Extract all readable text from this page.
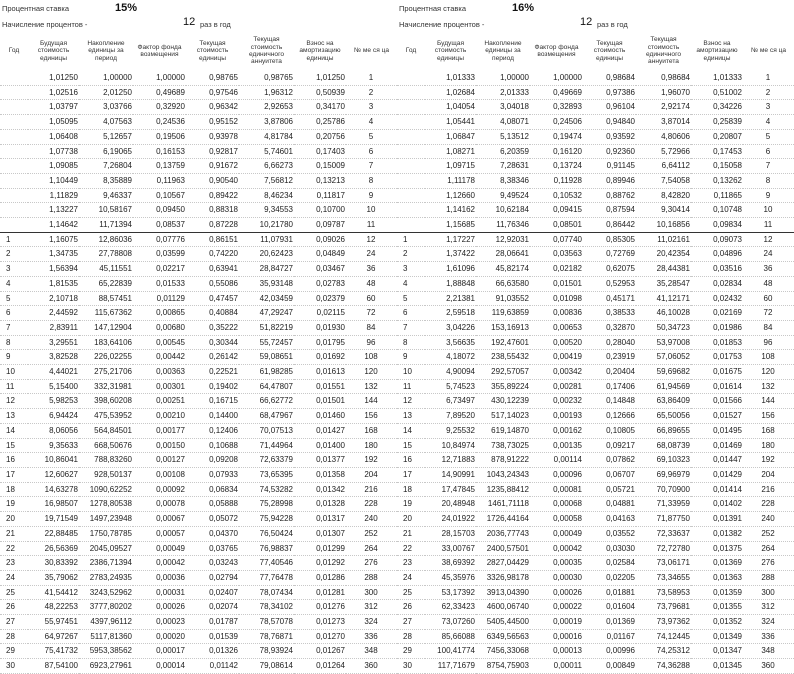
Процентная ставка	15%
Начисление процентов -	12 раз в год
Год	Будущая стоимость единицы	Накопление единицы за период	Фактор фонда возмещения	Текущая стоимость единицы	Текущая стоимость единичного аннуитета	Взнос на амортизацию единицы	№ ме ся ца
	1,01250	1,00000	1,00000	0,98765	0,98765	1,01250	1
	1,02516	2,01250	0,49689	0,97546	1,96312	0,50939	2
	1,03797	3,03766	0,32920	0,96342	2,92653	0,34170	3
	1,05095	4,07563	0,24536	0,95152	3,87806	0,25786	4
	1,06408	5,12657	0,19506	0,93978	4,81784	0,20756	5
	1,07738	6,19065	0,16153	0,92817	5,74601	0,17403	6
	1,09085	7,26804	0,13759	0,91672	6,66273	0,15009	7
	1,10449	8,35889	0,11963	0,90540	7,56812	0,13213	8
	1,11829	9,46337	0,10567	0,89422	8,46234	0,11817	9
	1,13227	10,58167	0,09450	0,88318	9,34553	0,10700	10
	1,14642	11,71394	0,08537	0,87228	10,21780	0,09787	11
1	1,16075	12,86036	0,07776	0,86151	11,07931	0,09026	12
2	1,34735	27,78808	0,03599	0,74220	20,62423	0,04849	24
3	1,56394	45,11551	0,02217	0,63941	28,84727	0,03467	36
4	1,81535	65,22839	0,01533	0,55086	35,93148	0,02783	48
5	2,10718	88,57451	0,01129	0,47457	42,03459	0,02379	60
6	2,44592	115,67362	0,00865	0,40884	47,29247	0,02115	72
7	2,83911	147,12904	0,00680	0,35222	51,82219	0,01930	84
8	3,29551	183,64106	0,00545	0,30344	55,72457	0,01795	96
9	3,82528	226,02255	0,00442	0,26142	59,08651	0,01692	108
10	4,44021	275,21706	0,00363	0,22521	61,98285	0,01613	120
11	5,15400	332,31981	0,00301	0,19402	64,47807	0,01551	132
12	5,98253	398,60208	0,00251	0,16715	66,62772	0,01501	144
13	6,94424	475,53952	0,00210	0,14400	68,47967	0,01460	156
14	8,06056	564,84501	0,00177	0,12406	70,07513	0,01427	168
15	9,35633	668,50676	0,00150	0,10688	71,44964	0,01400	180
16	10,86041	788,83260	0,00127	0,09208	72,63379	0,01377	192
17	12,60627	928,50137	0,00108	0,07933	73,65395	0,01358	204
18	14,63278	1090,62252	0,00092	0,06834	74,53282	0,01342	216
19	16,98507	1278,80538	0,00078	0,05888	75,28998	0,01328	228
20	19,71549	1497,23948	0,00067	0,05072	75,94228	0,01317	240
21	22,88485	1750,78785	0,00057	0,04370	76,50424	0,01307	252
22	26,56369	2045,09527	0,00049	0,03765	76,98837	0,01299	264
23	30,83392	2386,71394	0,00042	0,03243	77,40546	0,01292	276
24	35,79062	2783,24935	0,00036	0,02794	77,76478	0,01286	288
25	41,54412	3243,52962	0,00031	0,02407	78,07434	0,01281	300
26	48,22253	3777,80202	0,00026	0,02074	78,34102	0,01276	312
27	55,97451	4397,96112	0,00023	0,01787	78,57078	0,01273	324
28	64,97267	5117,81360	0,00020	0,01539	78,76871	0,01270	336
29	75,41732	5953,38562	0,00017	0,01326	78,93924	0,01267	348
30	87,54100	6923,27961	0,00014	0,01142	79,08614	0,01264	360
Процентная ставка	16%
Начисление процентов -	12 раз в год
Год	Будущая стоимость единицы	Накопление единицы за период	Фактор фонда возмещения	Текущая стоимость единицы	Текущая стоимость единичного аннуитета	Взнос на амортизацию единицы	№ ме ся ца
	1,01333	1,00000	1,00000	0,98684	0,98684	1,01333	1
	1,02684	2,01333	0,49669	0,97386	1,96070	0,51002	2
	1,04054	3,04018	0,32893	0,96104	2,92174	0,34226	3
	1,05441	4,08071	0,24506	0,94840	3,87014	0,25839	4
	1,06847	5,13512	0,19474	0,93592	4,80606	0,20807	5
	1,08271	6,20359	0,16120	0,92360	5,72966	0,17453	6
	1,09715	7,28631	0,13724	0,91145	6,64112	0,15058	7
	1,11178	8,38346	0,11928	0,89946	7,54058	0,13262	8
	1,12660	9,49524	0,10532	0,88762	8,42820	0,11865	9
	1,14162	10,62184	0,09415	0,87594	9,30414	0,10748	10
	1,15685	11,76346	0,08501	0,86442	10,16856	0,09834	11
1	1,17227	12,92031	0,07740	0,85305	11,02161	0,09073	12
2	1,37422	28,06641	0,03563	0,72769	20,42354	0,04896	24
3	1,61096	45,82174	0,02182	0,62075	28,44381	0,03516	36
4	1,88848	66,63580	0,01501	0,52953	35,28547	0,02834	48
5	2,21381	91,03552	0,01098	0,45171	41,12171	0,02432	60
6	2,59518	119,63859	0,00836	0,38533	46,10028	0,02169	72
7	3,04226	153,16913	0,00653	0,32870	50,34723	0,01986	84
8	3,56635	192,47601	0,00520	0,28040	53,97008	0,01853	96
9	4,18072	238,55432	0,00419	0,23919	57,06052	0,01753	108
10	4,90094	292,57057	0,00342	0,20404	59,69682	0,01675	120
11	5,74523	355,89224	0,00281	0,17406	61,94569	0,01614	132
12	6,73497	430,12239	0,00232	0,14848	63,86409	0,01566	144
13	7,89520	517,14023	0,00193	0,12666	65,50056	0,01527	156
14	9,25532	619,14870	0,00162	0,10805	66,89655	0,01495	168
15	10,84974	738,73025	0,00135	0,09217	68,08739	0,01469	180
16	12,71883	878,91222	0,00114	0,07862	69,10323	0,01447	192
17	14,90991	1043,24343	0,00096	0,06707	69,96979	0,01429	204
18	17,47845	1235,88412	0,00081	0,05721	70,70900	0,01414	216
19	20,48948	1461,71118	0,00068	0,04881	71,33959	0,01402	228
20	24,01922	1726,44164	0,00058	0,04163	71,87750	0,01391	240
21	28,15703	2036,77743	0,00049	0,03552	72,33637	0,01382	252
22	33,00767	2400,57501	0,00042	0,03030	72,72780	0,01375	264
23	38,69392	2827,04429	0,00035	0,02584	73,06171	0,01369	276
24	45,35976	3326,98178	0,00030	0,02205	73,34655	0,01363	288
25	53,17392	3913,04390	0,00026	0,01881	73,58953	0,01359	300
26	62,33423	4600,06740	0,00022	0,01604	73,79681	0,01355	312
27	73,07260	5405,44500	0,00019	0,01369	73,97362	0,01352	324
28	85,66088	6349,56563	0,00016	0,01167	74,12445	0,01349	336
29	100,41774	7456,33068	0,00013	0,00996	74,25312	0,01347	348
30	117,71679	8754,75903	0,00011	0,00849	74,36288	0,01345	360
